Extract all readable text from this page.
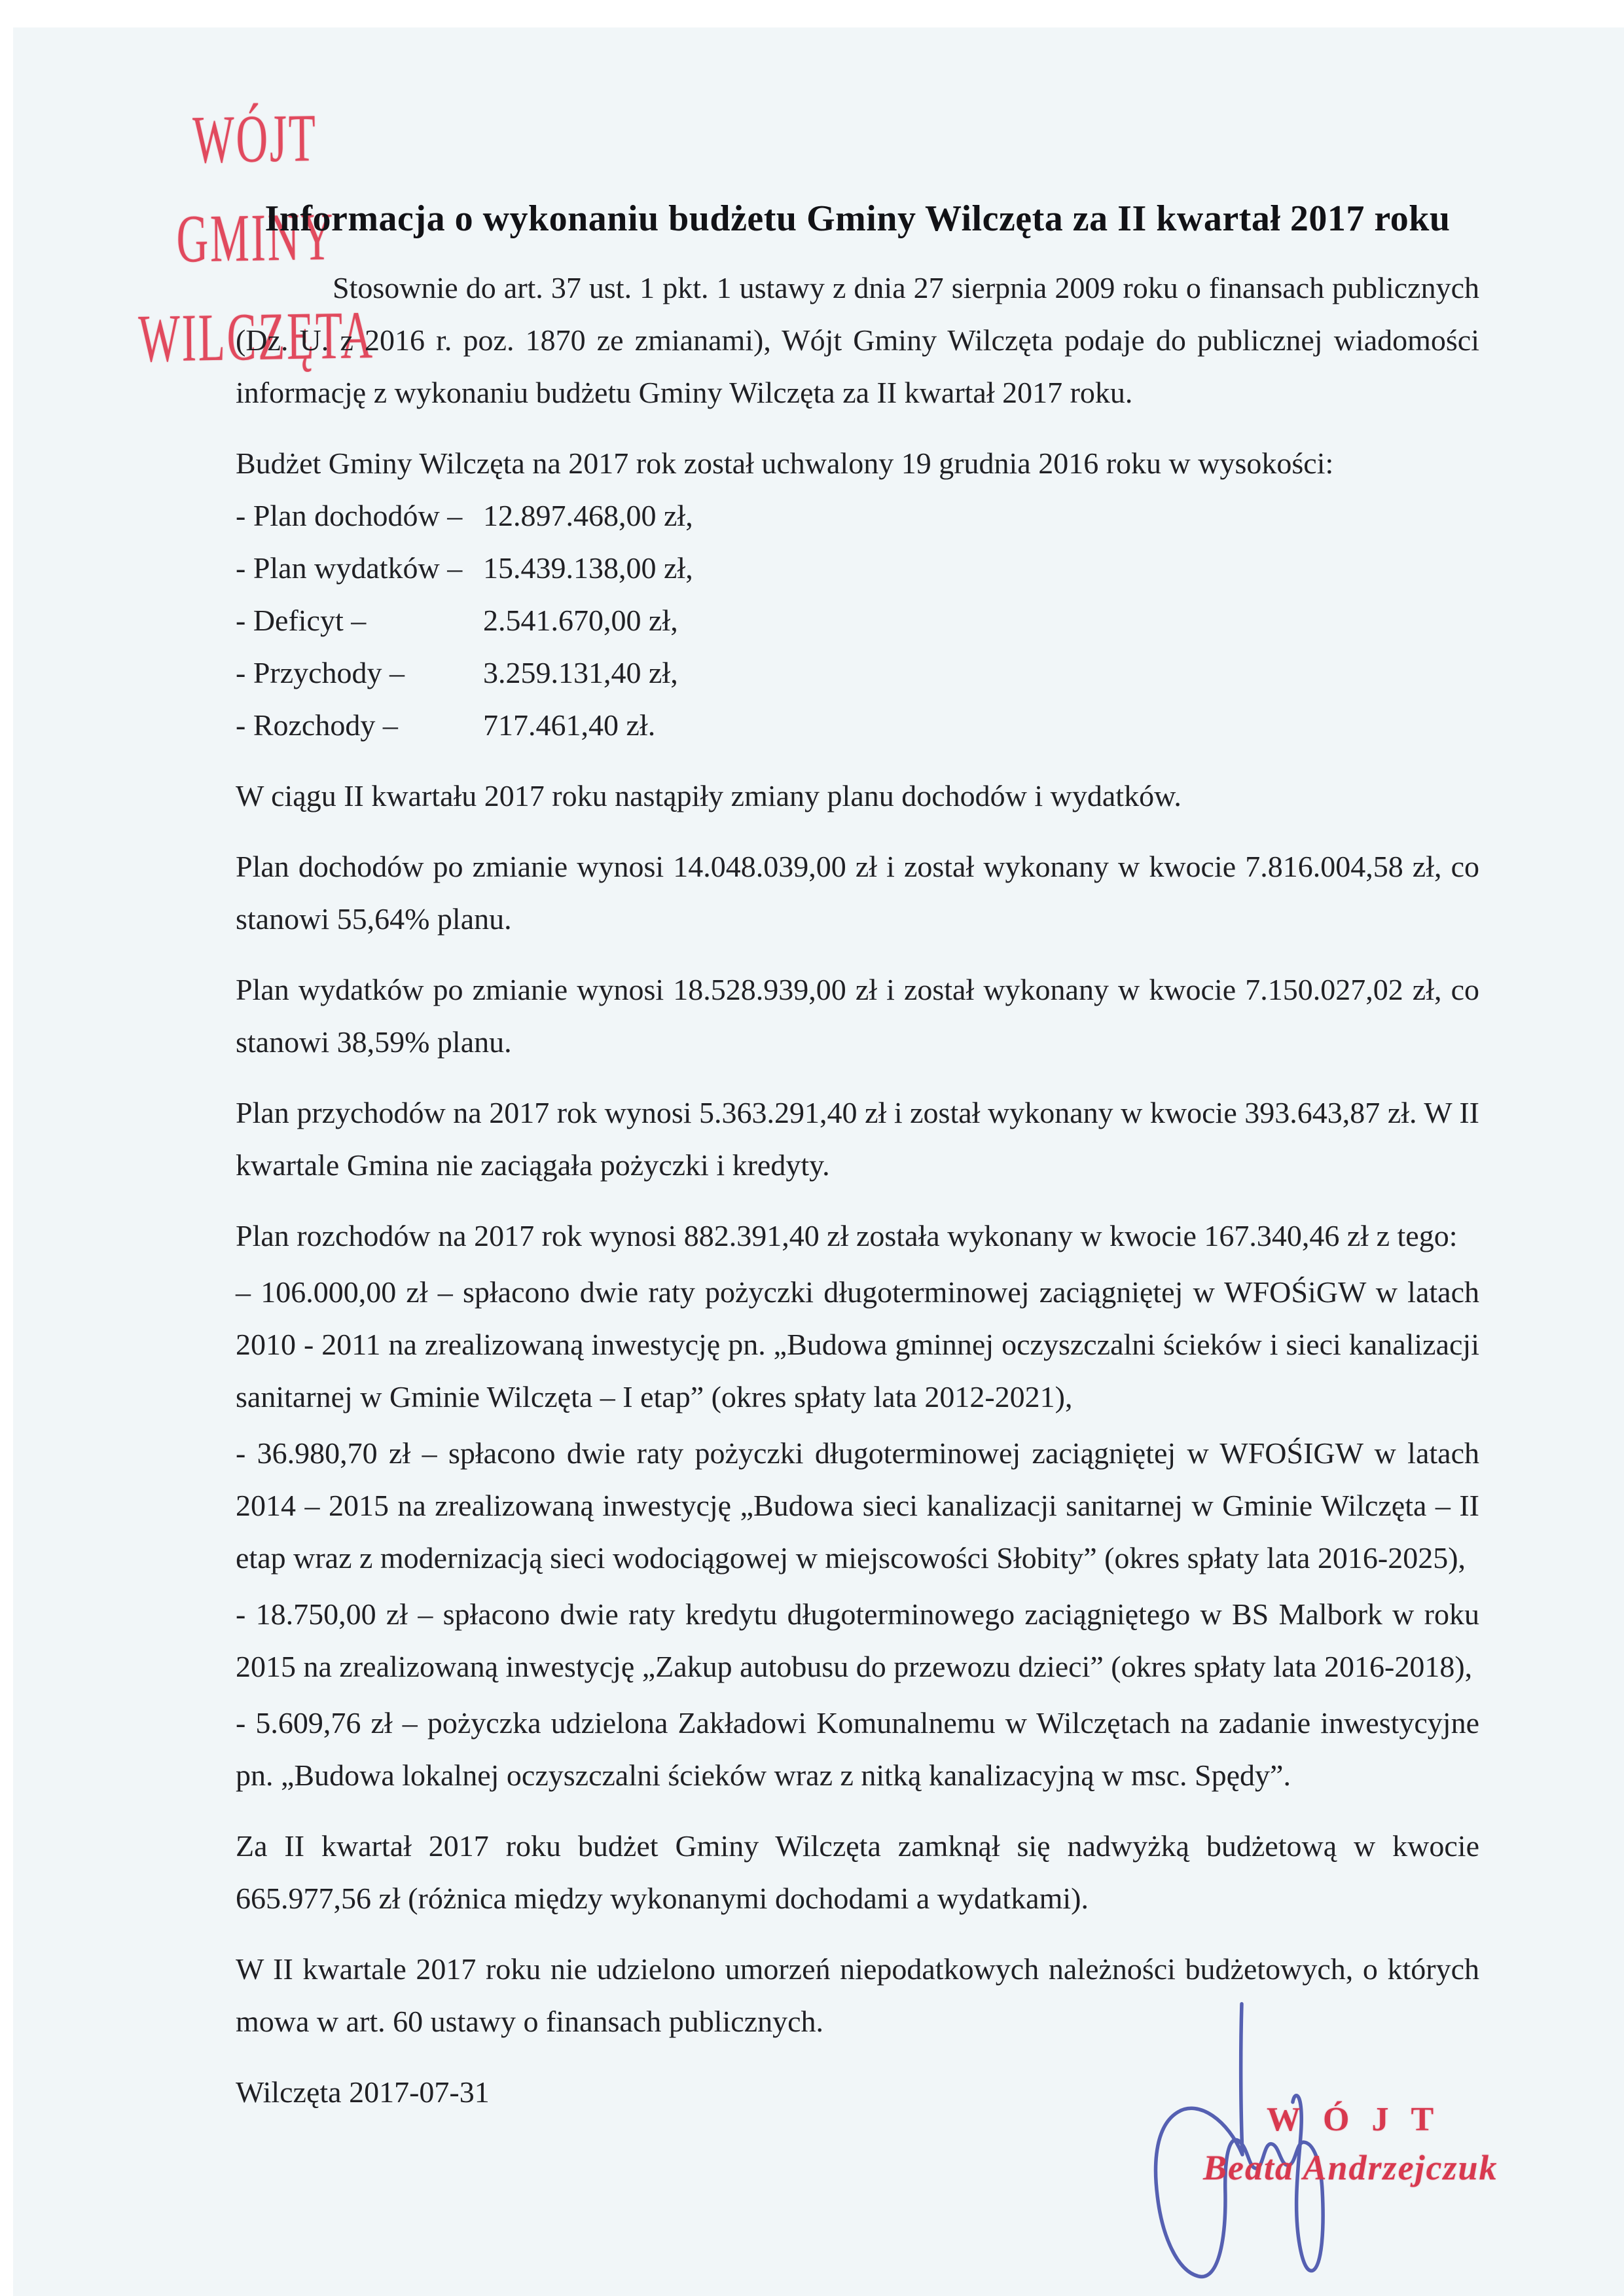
WÓJT GMINY
WILCZĘTA
Informacja o wykonaniu budżetu Gminy Wilczęta za II kwartał 2017 roku

Stosownie do art. 37 ust. 1 pkt. 1 ustawy z dnia 27 sierpnia 2009 roku o finansach publicznych (Dz. U. z 2016 r. poz. 1870 ze zmianami), Wójt Gminy Wilczęta podaje do publicznej wiadomości informację z wykonaniu budżetu Gminy Wilczęta za II kwartał 2017 roku.

Budżet Gminy Wilczęta na 2017 rok został uchwalony 19 grudnia 2016 roku w wysokości:

- Plan dochodów – 12.897.468,00 zł,
- Plan wydatków – 15.439.138,00 zł,
- Deficyt –	2.541.670,00 zł,
- Przychody –	3.259.131,40 zł,
- Rozchody –	717.461,40 zł.

W ciągu II kwartału 2017 roku nastąpiły zmiany planu dochodów i wydatków.

Plan dochodów po zmianie wynosi 14.048.039,00 zł i został wykonany w kwocie 7.816.004,58 zł, co stanowi 55,64% planu.

Plan wydatków po zmianie wynosi 18.528.939,00 zł i został wykonany w kwocie 7.150.027,02 zł, co stanowi 38,59% planu.

Plan przychodów na 2017 rok wynosi 5.363.291,40 zł i został wykonany w kwocie 393.643,87 zł. W II kwartale Gmina nie zaciągała pożyczki i kredyty.

Plan rozchodów na 2017 rok wynosi 882.391,40 zł została wykonany w kwocie 167.340,46 zł z tego:

– 106.000,00 zł – spłacono dwie raty pożyczki długoterminowej zaciągniętej w WFOŚiGW w latach 2010 - 2011 na zrealizowaną inwestycję pn. „Budowa gminnej oczyszczalni ścieków i sieci kanalizacji sanitarnej w Gminie Wilczęta – I etap” (okres spłaty lata 2012-2021),

- 36.980,70 zł – spłacono dwie raty pożyczki długoterminowej zaciągniętej w WFOŚIGW w latach 2014 – 2015 na zrealizowaną inwestycję „Budowa sieci kanalizacji sanitarnej w Gminie Wilczęta – II etap wraz z modernizacją sieci wodociągowej w miejscowości Słobity” (okres spłaty lata 2016-2025),

- 18.750,00 zł – spłacono dwie raty kredytu długoterminowego zaciągniętego w BS Malbork w roku 2015 na zrealizowaną inwestycję „Zakup autobusu do przewozu dzieci” (okres spłaty lata 2016-2018),

- 5.609,76 zł – pożyczka udzielona Zakładowi Komunalnemu w Wilczętach na zadanie inwestycyjne pn. „Budowa lokalnej oczyszczalni ścieków wraz z nitką kanalizacyjną w msc. Spędy”.

Za II kwartał 2017 roku budżet Gminy Wilczęta zamknął się nadwyżką budżetową w kwocie 665.977,56 zł (różnica między wykonanymi dochodami a wydatkami).

W II kwartale 2017 roku nie udzielono umorzeń niepodatkowych należności budżetowych, o których mowa w art. 60 ustawy o finansach publicznych.

Wilczęta 2017-07-31

WÓJT
Beata Andrzejczuk
